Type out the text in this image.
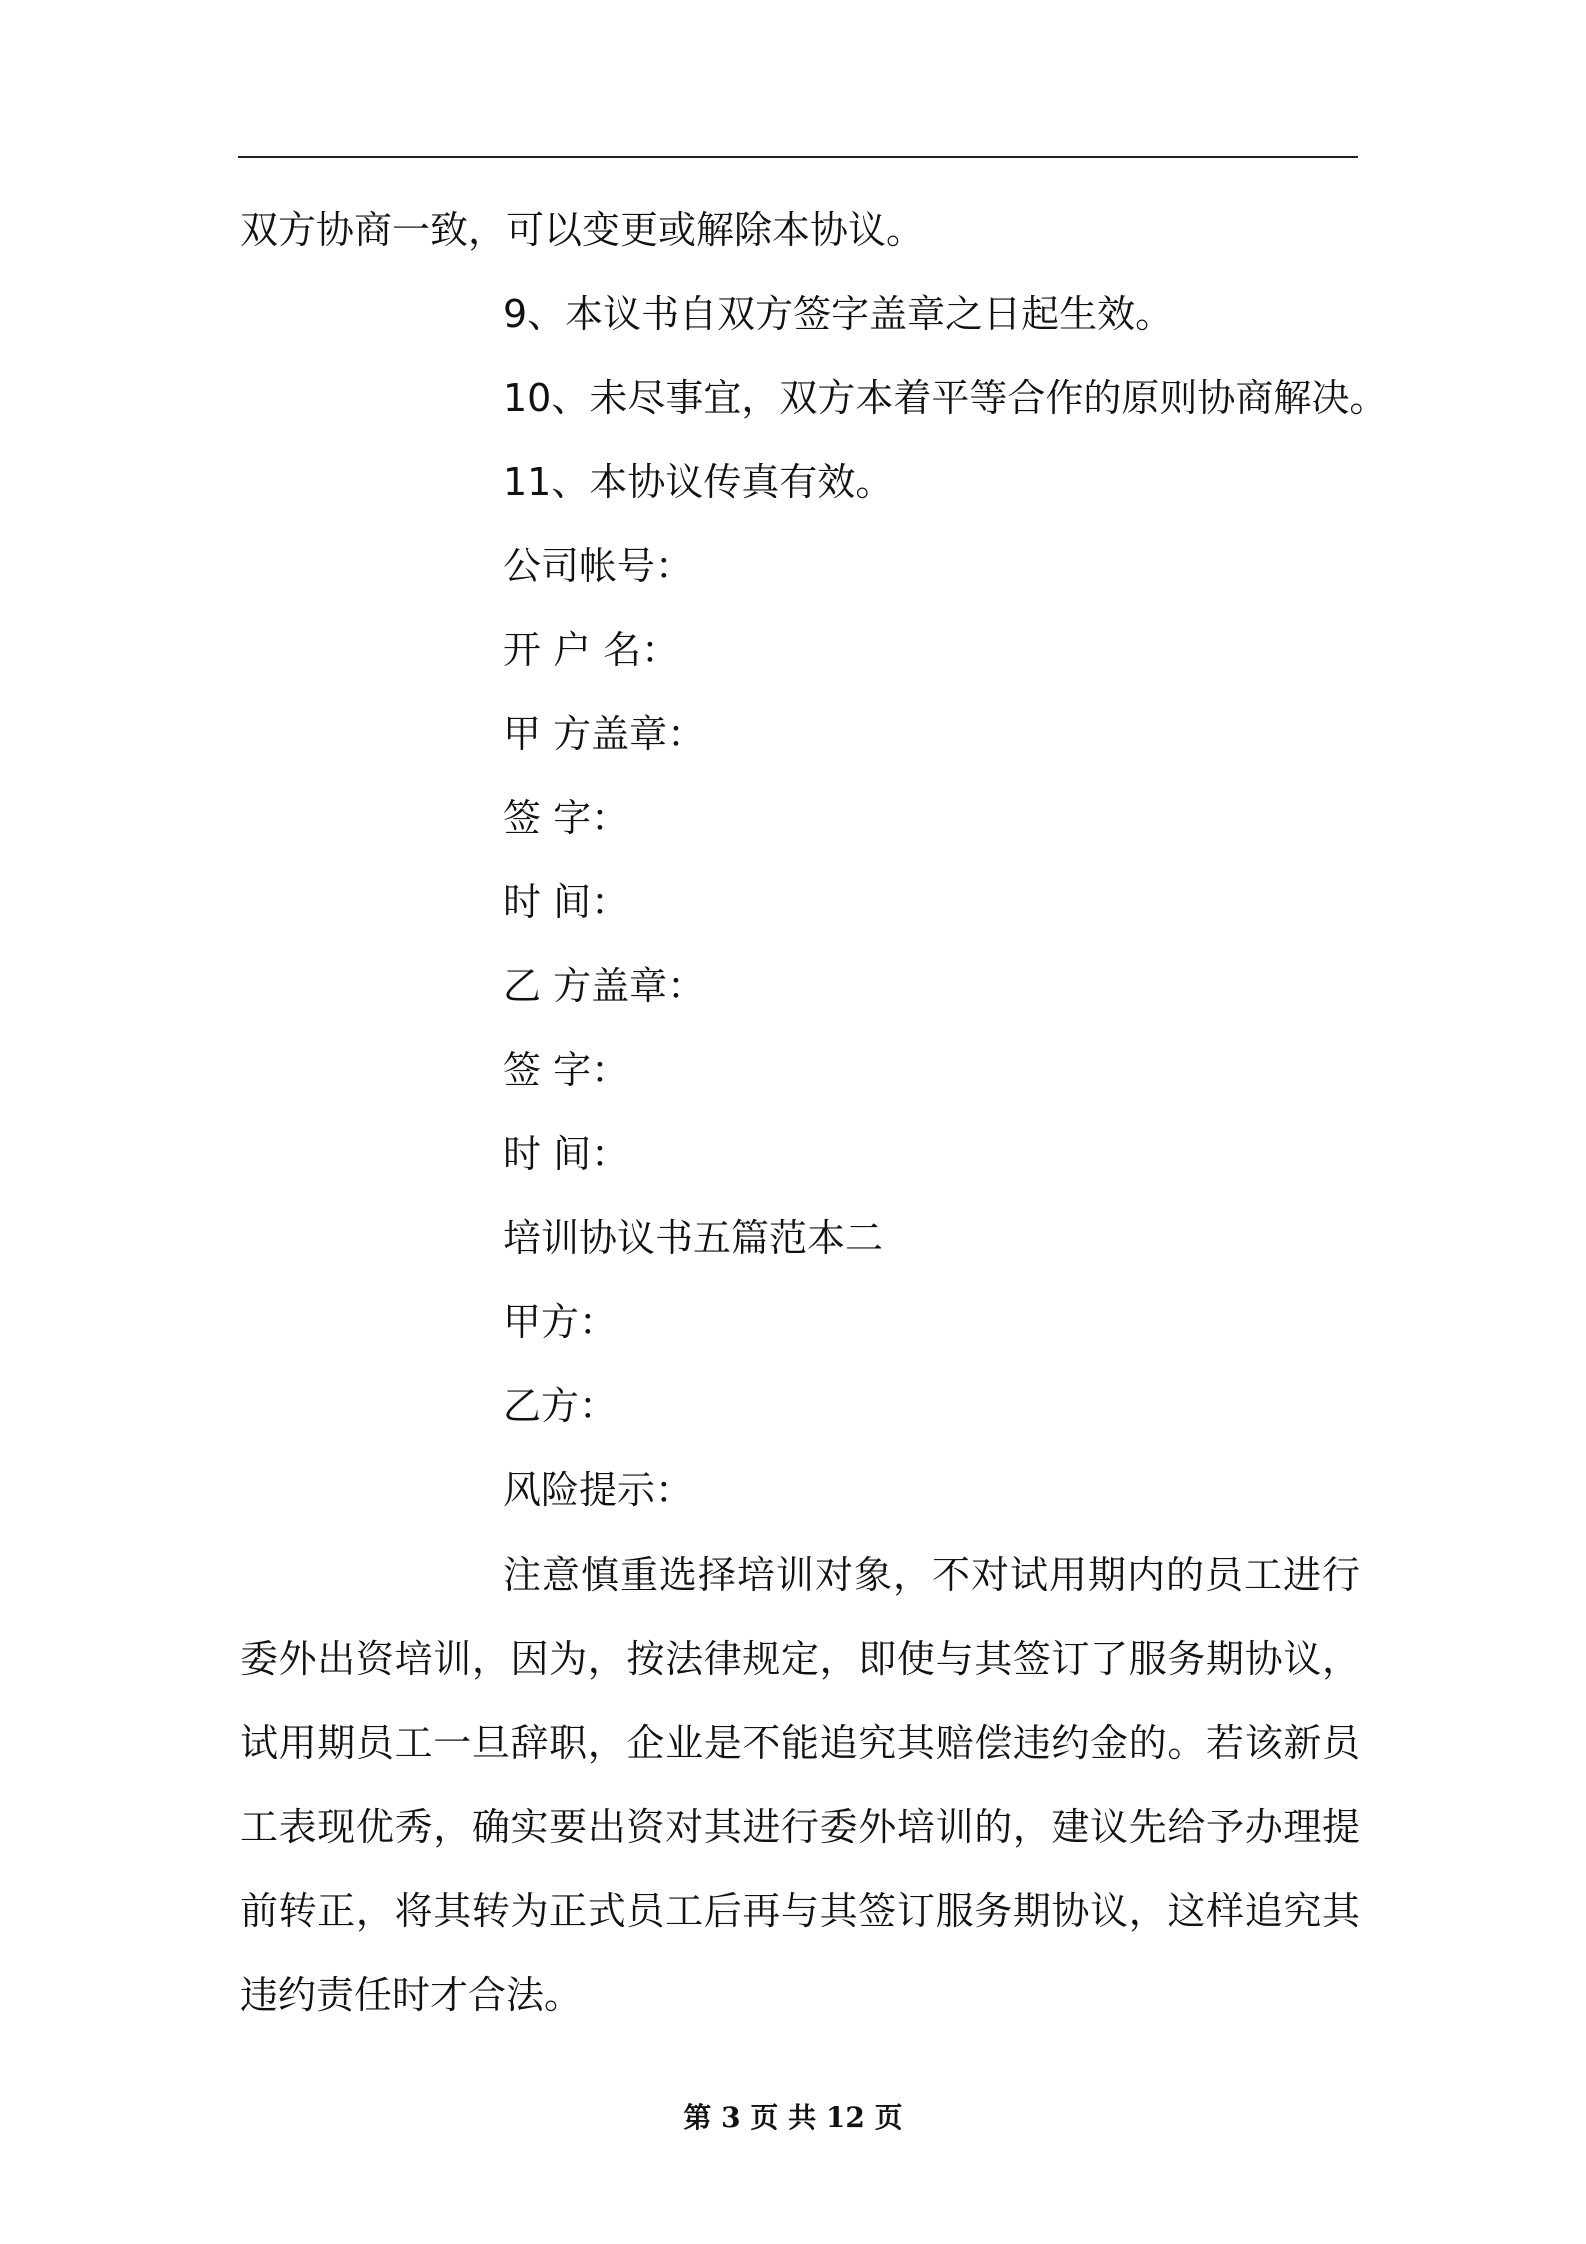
双方协商一致，可以变更或解除本协议。
9、本议书自双方签字盖章之日起生效。
10、未尽事宜，双方本着平等合作的原则协商解决。
11、本协议传真有效。
公司帐号：
开 户 名：
甲 方盖章：
签 字：
时 间：
乙 方盖章：
签 字：
时 间：
培训协议书五篇范本二
甲方：
乙方：
风险提示：
注意慎重选择培训对象，不对试用期内的员工进行委外出资培训，因为，按法律规定，即使与其签订了服务期协议，试用期员工一旦辞职，企业是不能追究其赔偿违约金的。若该新员工表现优秀，确实要出资对其进行委外培训的，建议先给予办理提前转正，将其转为正式员工后再与其签订服务期协议，这样追究其违约责任时才合法。
第 3 页 共 12 页
